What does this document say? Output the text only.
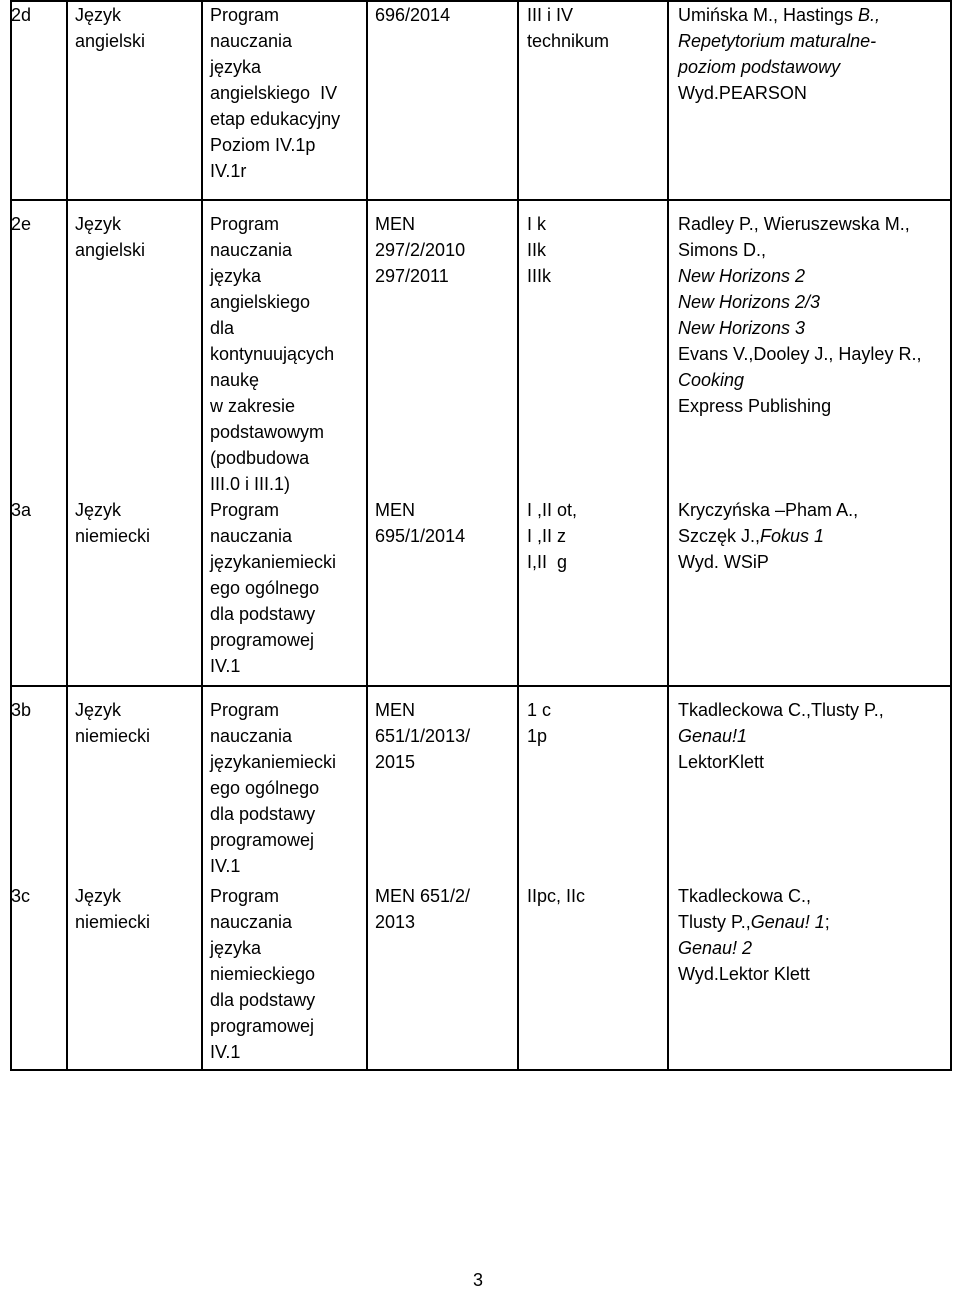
2d Język
angielski
Program
nauczania
języka
angielskiego  IV
etap edukacyjny
Poziom IV.1p
IV.1r
696/2014	III i IV
technikum
Umińska M., Hastings B.,
Repetytorium maturalne-
poziom podstawowy
Wyd.PEARSON
2e Język
angielski
Program
nauczania
języka
angielskiego
dla
kontynuujących
naukę
w zakresie
podstawowym
(podbudowa
III.0 i III.1)
MEN
297/2/2010
297/2011
I k
IIk
IIIk
Radley P., Wieruszewska M.,
Simons D.,
New Horizons 2
New Horizons 2/3
New Horizons 3
Evans V.,Dooley J., Hayley R.,
Cooking
Express Publishing
3a Język
niemiecki
Program
nauczania
językaniemiecki
ego ogólnego
dla podstawy
programowej
IV.1
MEN
695/1/2014
I ,II ot,
I ,II z
I,II  g
Kryczyńska –Pham A.,
Szczęk J.,Fokus 1
Wyd. WSiP
3b Język
niemiecki
Program
nauczania
językaniemiecki
ego ogólnego
dla podstawy
programowej
IV.1
MEN
651/1/2013/
2015
1 c
1p
Tkadleckowa C.,Tlusty P.,
Genau!1
LektorKlett
3c Język
niemiecki
Program
nauczania
języka
niemieckiego
dla podstawy
programowej
IV.1
MEN 651/2/
2013
IIpc, IIc	Tkadleckowa C.,
Tlusty P.,Genau! 1;
Genau! 2
Wyd.Lektor Klett
3
